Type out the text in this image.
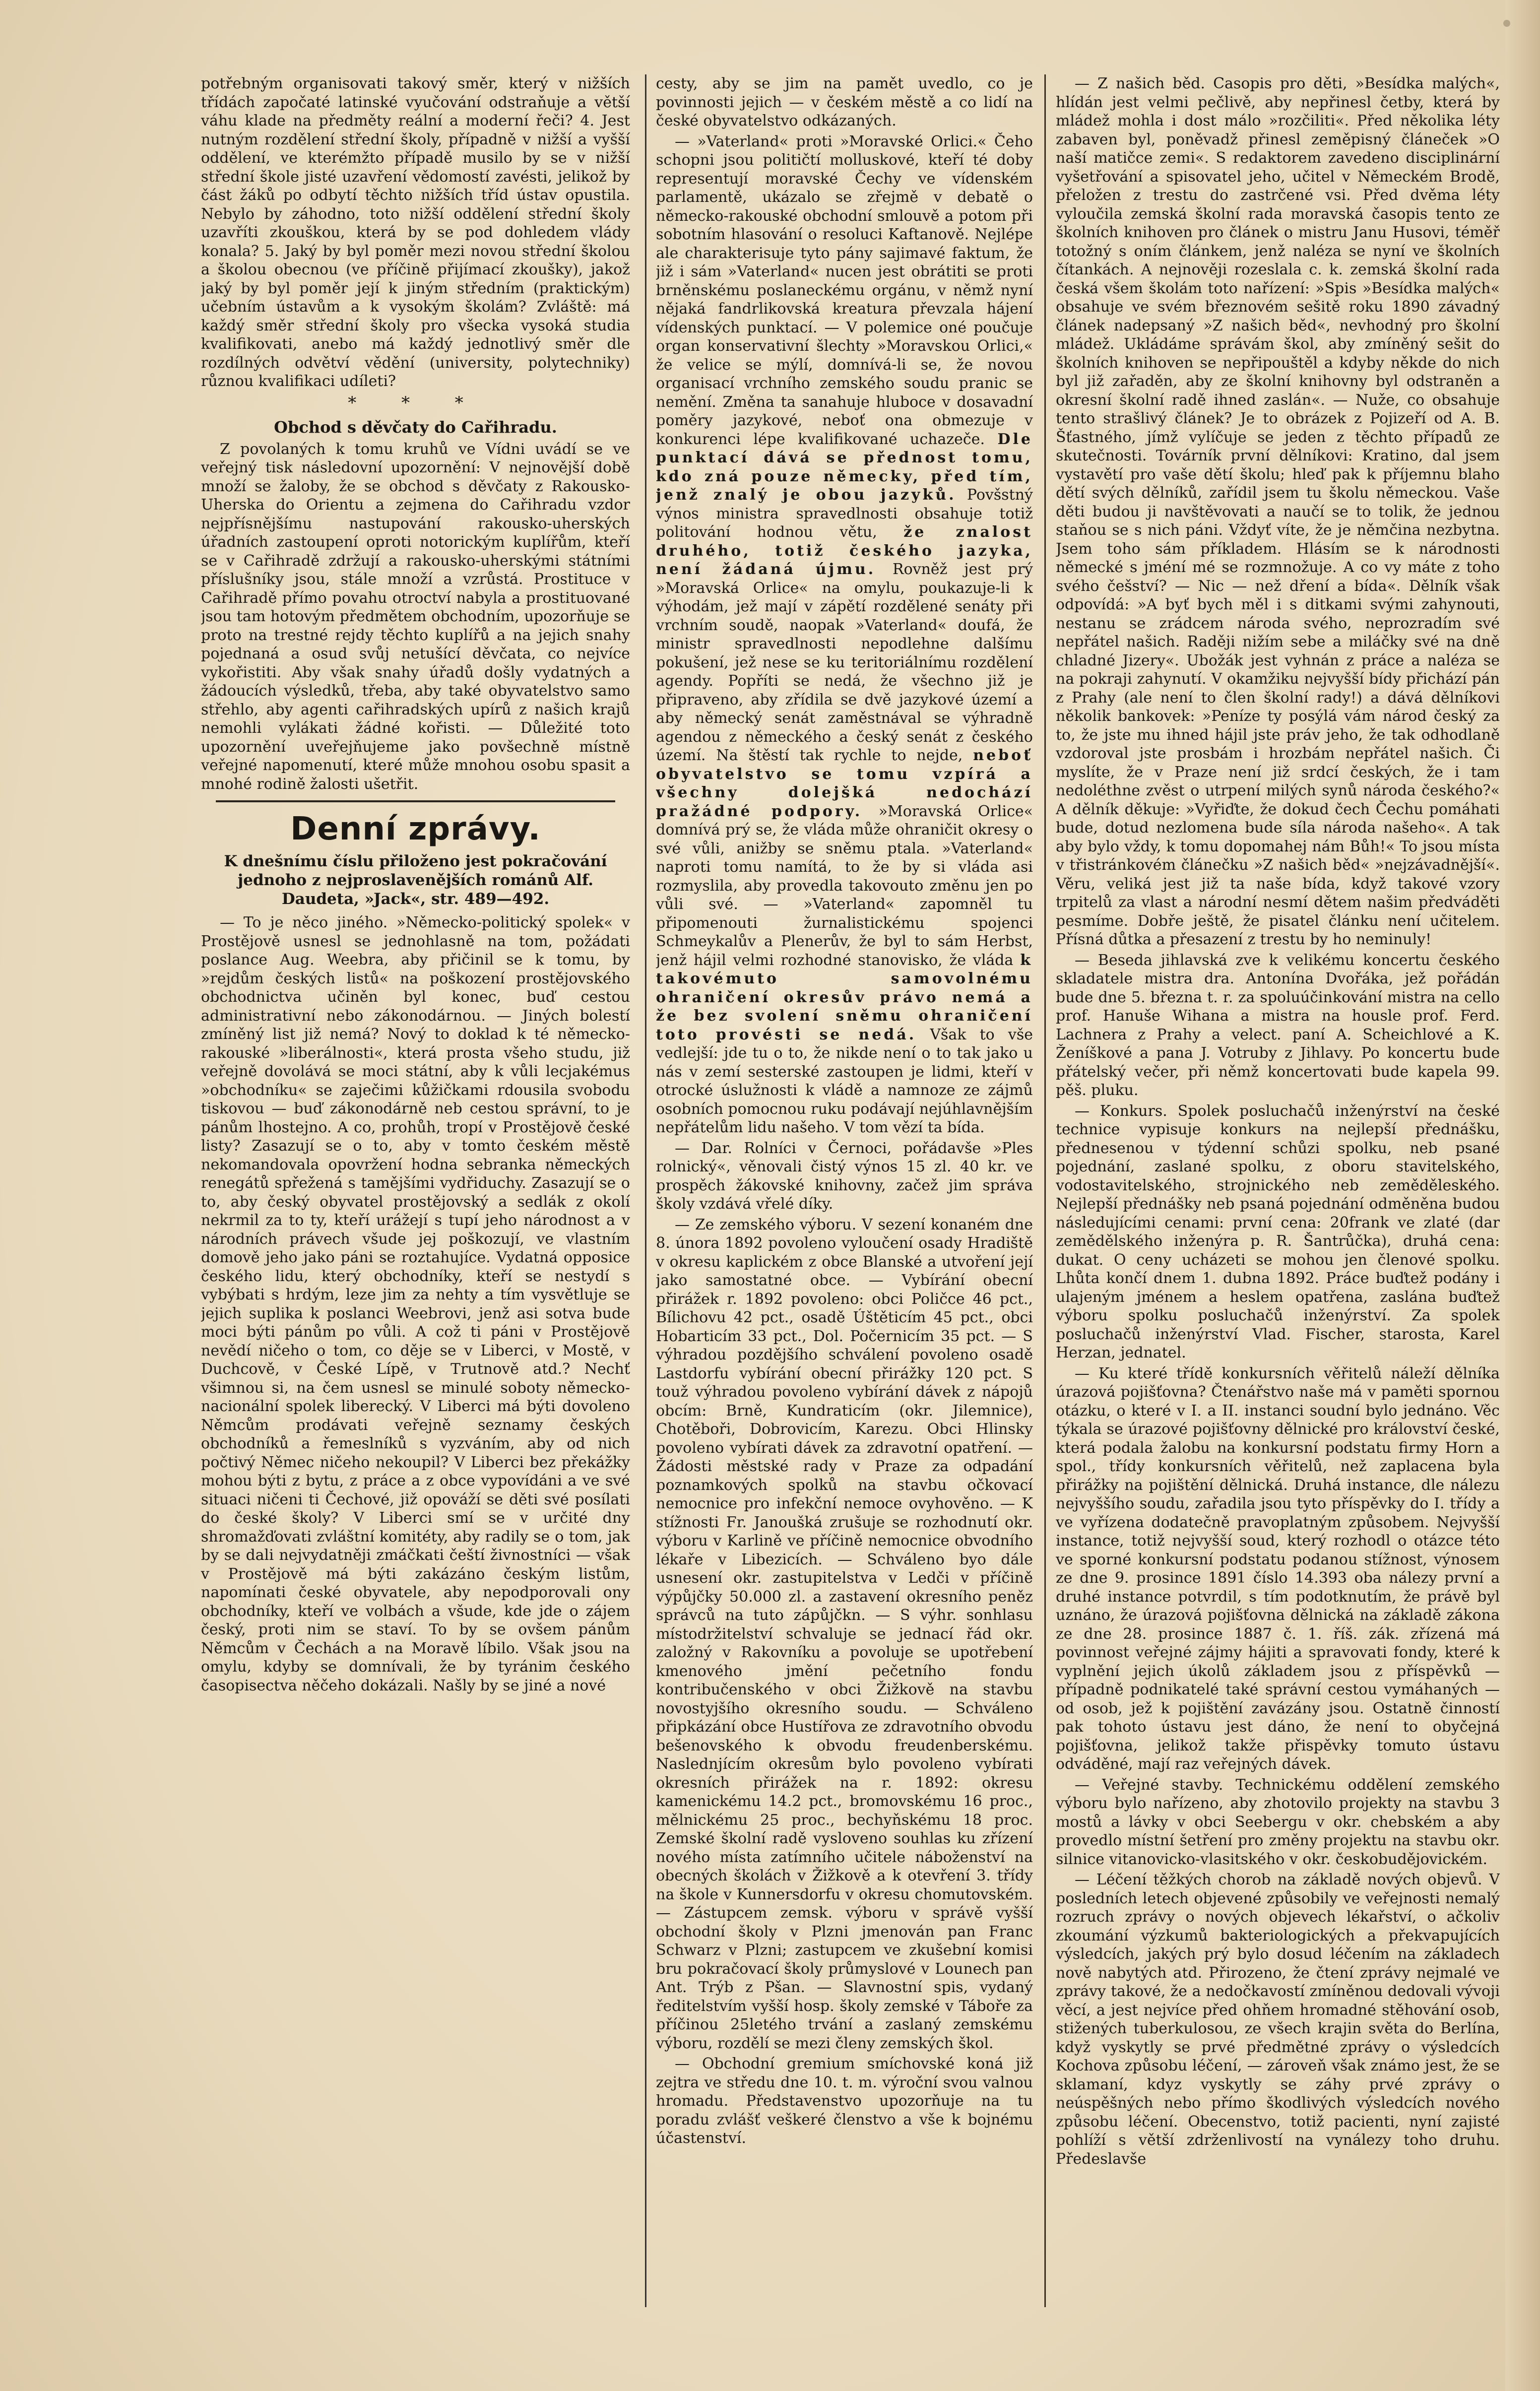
potřebným organisovati takový směr, který v nižších třídách započaté latinské vyučování odstraňuje a větší váhu klade na předměty reální a moderní řeči? 4. Jest nutným rozdělení střední školy, případně v nižší a vyšší oddělení, ve kterémžto případě musilo by se v nižší střední škole jisté uzavření vědomostí zavésti, jelikož by část žáků po odbytí těchto nižších tříd ústav opustila. Nebylo by záhodno, toto nižší oddělení střední školy uzavříti zkouškou, která by se pod dohledem vlády konala? 5. Jaký by byl poměr mezi novou střední školou a školou obecnou (ve příčině přijímací zkoušky), jakož jaký by byl poměr její k jiným středním (praktickým) učebním ústavům a k vysokým školám? Zvláště: má každý směr střední školy pro všecka vysoká studia kvalifikovati, anebo má každý jednotlivý směr dle rozdílných odvětví vědění (university, polytechniky) různou kvalifikaci udíleti?

* * *
Obchod s děvčaty do Cařihradu.

Z povolaných k tomu kruhů ve Vídni uvádí se ve veřejný tisk následovní upozornění: V nejnovější době množí se žaloby, že se obchod s děvčaty z Rakousko-Uherska do Orientu a zejmena do Cařihradu vzdor nejpřísnějšímu nastupování rakousko-uherských úřadních zastoupení oproti notorickým kuplířům, kteří se v Cařihradě zdržují a rakousko-uherskými státními příslušníky jsou, stále množí a vzrůstá. Prostituce v Cařihradě přímo povahu otroctví nabyla a prostituované jsou tam hotovým předmětem obchodním, upozorňuje se proto na trestné rejdy těchto kuplířů a na jejich snahy pojednaná a osud svůj netušící děvčata, co nejvíce vykořistiti. Aby však snahy úřadů došly vydatných a žádoucích výsledků, třeba, aby také obyvatelstvo samo střehlo, aby agenti cařihradských upírů z našich krajů nemohli vylákati žádné kořisti. — Důležité toto upozornění uveřejňujeme jako povšechně místně veřejné napomenutí, které může mnohou osobu spasit a mnohé rodině žalosti ušetřit.

Denní zprávy.
K dnešnímu číslu přiloženo jest pokračování jednoho z nejproslavenějších románů Alf. Daudeta, »Jack«, str. 489—492.

— To je něco jiného. »Německo-politický spolek« v Prostějově usnesl se jednohlasně na tom, požádati poslance Aug. Weebra, aby přičinil se k tomu, by »rejdům českých listů« na poškození prostějovského obchodnictva učiněn byl konec, buď cestou administrativní nebo zákonodárnou. — Jiných bolestí zmíněný list již nemá? Nový to doklad k té německo-rakouské »liberálnosti«, která prosta všeho studu, již veřejně dovolává se moci státní, aby k vůli lecjakémus »obchodníku« se zaječimi kůžičkami rdousila svobodu tiskovou — buď zákonodárně neb cestou správní, to je pánům lhostejno. A co, prohůh, tropí v Prostějově české listy? Zasazují se o to, aby v tomto českém městě nekomandovala opovržení hodna sebranka německých renegátů spřežená s tamějšími vydřiduchy. Zasazují se o to, aby český obyvatel prostějovský a sedlák z okolí nekrmil za to ty, kteří urážejí s tupí jeho národnost a v národních právech všude jej poškozují, ve vlastním domově jeho jako páni se roztahujíce. Vydatná opposice českého lidu, který obchodníky, kteří se nestydí s vybýbati s hrdým, leze jim za nehty a tím vysvětluje se jejich suplika k poslanci Weebrovi, jenž asi sotva bude moci býti pánům po vůli. A což ti páni v Prostějově nevědí ničeho o tom, co děje se v Liberci, v Mostě, v Duchcově, v České Lípě, v Trutnově atd.? Nechť všimnou si, na čem usnesl se minulé soboty německo-nacionální spolek liberecký. V Liberci má býti dovoleno Němcům prodávati veřejně seznamy českých obchodníků a řemeslníků s vyzváním, aby od nich počtivý Němec ničeho nekoupil? V Liberci bez překážky mohou býti z bytu, z práce a z obce vypovídáni a ve své situaci ničeni ti Čechové, již opováží se děti své posílati do české školy? V Liberci smí se v určité dny shromažďovati zvláštní komitéty, aby radily se o tom, jak by se dali nejvydatněji zmáčkati čeští živnostníci — však v Prostějově má býti zakázáno českým listům, napomínati české obyvatele, aby nepodporovali ony obchodníky, kteří ve volbách a všude, kde jde o zájem český, proti nim se staví. To by se ovšem pánům Němcům v Čechách a na Moravě líbilo. Však jsou na omylu, kdyby se domnívali, že by tyránim českého časopisectva něčeho dokázali. Našly by se jiné a nové

cesty, aby se jim na pamět uvedlo, co je povinnosti jejich — v českém městě a co lidí na české obyvatelstvo odkázaných.

— »Vaterland« proti »Moravské Orlici.« Čeho schopni jsou političtí molluskové, kteří té doby representují moravské Čechy ve vídenském parlamentě, ukázalo se zřejmě v debatě o německo-rakouské obchodní smlouvě a potom při sobotním hlasování o resoluci Kaftanově. Nejlépe ale charakterisuje tyto pány sajimavé faktum, že již i sám »Vaterland« nucen jest obrátiti se proti brněnskému poslaneckému orgánu, v němž nyní nějaká fandrlikovská kreatura převzala hájení vídenských punktací. — V polemice oné poučuje organ konservativní šlechty »Moravskou Orlici,« že velice se mýlí, domnívá-li se, že novou organisací vrchního zemského soudu pranic se nemění. Změna ta sanahuje hluboce v dosavadní poměry jazykové, neboť ona obmezuje v konkurenci lépe kvalifikované uchazeče. Dle punktací dává se přednost tomu, kdo zná pouze německy, před tím, jenž znalý je obou jazyků. Povšstný výnos ministra spravedlnosti obsahuje totiž politování hodnou větu, že znalost druhého, totiž českého jazyka, není žádaná újmu. Rovněž jest prý »Moravská Orlice« na omylu, poukazuje-li k výhodám, jež mají v zápětí rozdělené senáty při vrchním soudě, naopak »Vaterland« doufá, že ministr spravedlnosti nepodlehne dalšímu pokušení, jež nese se ku teritoriálnímu rozdělení agendy. Popříti se nedá, že všechno již je připraveno, aby zřídila se dvě jazykové území a aby německý senát zaměstnával se výhradně agendou z německého a český senát z českého území. Na štěstí tak rychle to nejde, neboť obyvatelstvo se tomu vzpírá a všechny dolejšká nedochází pražádné podpory. »Moravská Orlice« domnívá prý se, že vláda může ohraničit okresy o své vůli, anižby se sněmu ptala. »Vaterland« naproti tomu namítá, to že by si vláda asi rozmyslila, aby provedla takovouto změnu jen po vůli své. — »Vaterland« zapomněl tu připomenouti žurnalistickému spojenci Schmeykalův a Plenerův, že byl to sám Herbst, jenž hájil velmi rozhodné stanovisko, že vláda k takovémuto samovolnému ohraničení okresův právo nemá a že bez svolení sněmu ohraničení toto provésti se nedá. Však to vše vedlejší: jde tu o to, že nikde není o to tak jako u nás v zemí sesterské zastoupen je lidmi, kteří v otrocké úslužnosti k vládě a namnoze ze zájmů osobních pomocnou ruku podávají nejúhlavnějším nepřátelům lidu našeho. V tom vězí ta bída.

— Dar. Rolníci v Černoci, pořádavše »Ples rolnický«, věnovali čistý výnos 15 zl. 40 kr. ve prospěch žákovské knihovny, začež jim správa školy vzdává vřelé díky.

— Ze zemského výboru. V sezení konaném dne 8. února 1892 povoleno vyloučení osady Hradiště v okresu kaplickém z obce Blanské a utvoření její jako samostatné obce. — Vybírání obecní přirážek r. 1892 povoleno: obci Poličce 46 pct., Bílichovu 42 pct., osadě Úštěticím 45 pct., obci Hobarticím 33 pct., Dol. Počernicím 35 pct. — S výhradou pozdějšího schválení povoleno osadě Lastdorfu vybírání obecní přirážky 120 pct. S touž výhradou povoleno vybírání dávek z nápojů obcím: Brně, Kundraticím (okr. Jilemnice), Chotěboři, Dobrovicím, Karezu. Obci Hlinsky povoleno vybírati dávek za zdravotní opatření. — Žádosti městské rady v Praze za odpadání poznamkových spolků na stavbu očkovací nemocnice pro infekční nemoce ovyhověno. — K stížnosti Fr. Janoušká zrušuje se rozhodnutí okr. výboru v Karlině ve příčině nemocnice obvodního lékaře v Libezicích. — Schváleno byo dále usnesení okr. zastupitelstva v Ledči v příčině výpůjčky 50.000 zl. a zastavení okresního peněz správců na tuto zápůjčkn. — S výhr. sonhlasu místodržitelství schvaluje se jednací řád okr. založný v Rakovníku a povoluje se upotřebení kmenového jmění pečetního fondu kontribučenského v obci Žižkově na stavbu novostyjšího okresního soudu. — Schváleno připkázání obce Hustířova ze zdravotního obvodu bešenovského k obvodu freudenberskému. Naslednjícím okresům bylo povoleno vybírati okresních přirážek na r. 1892: okresu kamenickému 14.2 pct., bromovskému 16 proc., mělnickému 25 proc., bechyňskému 18 proc. Zemské školní radě vysloveno souhlas ku zřízení nového místa zatímního učitele náboženství na obecných školách v Žižkově a k otevření 3. třídy na škole v Kunnersdorfu v okresu chomutovském. — Zástupcem zemsk. výboru v správě vyšší obchodní školy v Plzni jmenován pan Franc Schwarz v Plzni; zastupcem ve zkušební komisi bru pokračovací školy průmyslové v Lounech pan Ant. Trýb z Pšan. — Slavnostní spis, vydaný ředitelstvím vyšší hosp. školy zemské v Táboře za příčinou 25letého trvání a zaslaný zemskému výboru, rozdělí se mezi členy zemských škol.

— Obchodní gremium smíchovské koná již zejtra ve středu dne 10. t. m. výroční svou valnou hromadu. Představenstvo upozorňuje na tu poradu zvlášť veškeré členstvo a vše k bojnému účastenství.

— Z našich běd. Casopis pro děti, »Besídka malých«, hlídán jest velmi pečlivě, aby nepřinesl četby, která by mládež mohla i dost málo »rozčiliti«. Před několika léty zabaven byl, poněvadž přinesl zeměpisný článeček »O naší matičce zemi«. S redaktorem zavedeno disciplinární vyšetřování a spisovatel jeho, učitel v Německém Brodě, přeložen z trestu do zastrčené vsi. Před dvěma léty vyloučila zemská školní rada moravská časopis tento ze školních knihoven pro článek o mistru Janu Husovi, téměř totožný s oním článkem, jenž naléza se nyní ve školních čítankách. A nejnověji rozeslala c. k. zemská školní rada česká všem školám toto nařízení: »Spis »Besídka malých« obsahuje ve svém březnovém sešitě roku 1890 závadný článek nadepsaný »Z našich běd«, nevhodný pro školní mládež. Ukládáme správám škol, aby zmíněný sešit do školních knihoven se nepřipouštěl a kdyby někde do nich byl již zařaděn, aby ze školní knihovny byl odstraněn a okresní školní radě ihned zaslán«. — Nuže, co obsahuje tento strašlivý článek? Je to obrázek z Pojizeří od A. B. Šťastného, jímž vylíčuje se jeden z těchto případů ze skutečnosti. Továrník první dělníkovi: Kratino, dal jsem vystavětí pro vaše dětí školu; hleď pak k příjemnu blaho dětí svých dělníků, zařídil jsem tu školu německou. Vaše děti budou ji navštěvovati a naučí se to tolik, že jednou staňou se s nich páni. Vždyť víte, že je němčina nezbytna. Jsem toho sám příkladem. Hlásím se k národnosti německé s jméní mé se rozmnožuje. A co vy máte z toho svého češství? — Nic — než dření a bída«. Dělník však odpovídá: »A byť bych měl i s ditkami svými zahynouti, nestanu se zrádcem národa svého, neprozradím své nepřátel našich. Raději nižím sebe a miláčky své na dně chladné Jizery«. Ubožák jest vyhnán z práce a naléza se na pokraji zahynutí. V okamžiku nejvyšší bídy přichází pán z Prahy (ale není to člen školní rady!) a dává dělníkovi několik bankovek: »Peníze ty posýlá vám národ český za to, že jste mu ihned hájil jste práv jeho, že tak odhodlaně vzdoroval jste prosbám i hrozbám nepřátel našich. Či myslíte, že v Praze není již srdcí českých, že i tam nedoléthne zvěst o utrpení milých synů národa českého?« A dělník děkuje: »Vyřiďte, že dokud čech Čechu pomáhati bude, dotud nezlomena bude síla národa našeho«. A tak aby bylo vždy, k tomu dopomahej nám Bůh!« To jsou místa v třistránkovém článečku »Z našich běd« »nejzávadnější«. Věru, veliká jest již ta naše bída, když takové vzory trpitelů za vlast a národní nesmí dětem našim předváděti pesmíme. Dobře ještě, že pisatel článku není učitelem. Přísná důtka a přesazení z trestu by ho neminuly!

— Beseda jihlavská zve k velikému koncertu českého skladatele mistra dra. Antonína Dvořáka, jež pořádán bude dne 5. března t. r. za spoluúčinkování mistra na cello prof. Hanuše Wihana a mistra na housle prof. Ferd. Lachnera z Prahy a velect. paní A. Scheichlové a K. Ženíškové a pana J. Votruby z Jihlavy. Po koncertu bude přátelský večer, při němž koncertovati bude kapela 99. pěš. pluku.

— Konkurs. Spolek posluchačů inženýrství na české technice vypisuje konkurs na nejlepší přednášku, přednesenou v týdenní schůzi spolku, neb psané pojednání, zaslané spolku, z oboru stavitelského, vodostavitelského, strojnického neb zeměděleského. Nejlepší přednášky neb psaná pojednání odměněna budou následujícími cenami: první cena: 20frank ve zlaté (dar zemědělského inženýra p. R. Šantrůčka), druhá cena: dukat. O ceny ucházeti se mohou jen členové spolku. Lhůta končí dnem 1. dubna 1892. Práce buďtež podány i ulajeným jménem a heslem opatřena, zaslána buďtež výboru spolku posluchačů inženýrství. Za spolek posluchačů inženýrství Vlad. Fischer, starosta, Karel Herzan, jednatel.

— Ku které třídě konkursních věřitelů náleží dělníka úrazová pojišťovna? Čtenářstvo naše má v paměti spornou otázku, o které v I. a II. instanci soudní bylo jednáno. Věc týkala se úrazové pojišťovny dělnické pro království české, která podala žalobu na konkursní podstatu firmy Horn a spol., třídy konkursních věřitelů, než zaplacena byla přirážky na pojištění dělnická. Druhá instance, dle nálezu nejvyššího soudu, zařadila jsou tyto příspěvky do I. třídy a ve vyřízena dodatečně pravoplatným způsobem. Nejvyšší instance, totiž nejvyšší soud, který rozhodl o otázce této ve sporné konkursní podstatu podanou stížnost, výnosem ze dne 9. prosince 1891 číslo 14.393 oba nálezy první a druhé instance potvrdil, s tím podotknutím, že právě byl uznáno, že úrazová pojišťovna dělnická na základě zákona ze dne 28. prosince 1887 č. 1. říš. zák. zřízená má povinnost veřejné zájmy hájiti a spravovati fondy, které k vyplnění jejich úkolů základem jsou z příspěvků — případně podnikatelé také správní cestou vymáhaných — od osob, jež k pojištění zavázány jsou. Ostatně činností pak tohoto ústavu jest dáno, že není to obyčejná pojišťovna, jelikož takže přispěvky tomuto ústavu odváděné, mají raz veřejných dávek.

— Veřejné stavby. Technickému oddělení zemského výboru bylo nařízeno, aby zhotovilo projekty na stavbu 3 mostů a lávky v obci Seebergu v okr. chebském a aby provedlo místní šetření pro změny projektu na stavbu okr. silnice vitanovicko-vlasitského v okr. českobudějovickém.

— Léčení těžkých chorob na základě nových objevů. V posledních letech objevené způsobily ve veřejnosti nemalý rozruch zprávy o nových objevech lékařství, o ačkoliv zkoumání výzkumů bakteriologických a překvapujících výsledcích, jakých prý bylo dosud léčením na základech nově nabytých atd. Přirozeno, že čtení zprávy nejmalé ve zprávy takové, že a nedočkavostí zmíněnou dedovali vývoji věcí, a jest nejvíce před ohňem hromadné stěhování osob, stižených tuberkulosou, ze všech krajin světa do Berlína, když vyskytly se prvé předmětné zprávy o výsledcích Kochova způsobu léčení, — zároveň však známo jest, že se sklamaní, kdyz vyskytly se záhy prvé zprávy o neúspěšných nebo přímo škodlivých výsledcích nového způsobu léčení. Obecenstvo, totiž pacienti, nyní zajisté pohlíží s větší zdrženlivostí na vynálezy toho druhu. Předeslavše
